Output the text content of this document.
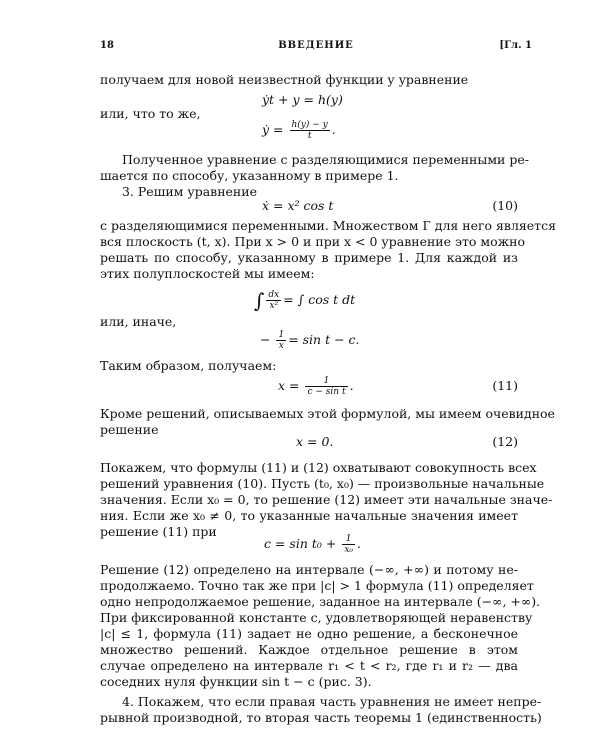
18	ВВЕДЕНИЕ	[Гл. 1
получаем для новой неизвестной функции y уравнение
ẏt + y = h(y)
или, что то же,
ẏ = $\frac{h(y) - y}{t}$ .
Полученное уравнение с разделяющимися переменными ре-
шается по способу, указанному в примере 1.
3. Решим уравнение
ẋ = x² cos t	(10)
с разделяющимися переменными. Множеством Г для него является
вся плоскость (t, x). При x > 0 и при x < 0 уравнение это можно
решать по способу, указанному в примере 1. Для каждой из
этих полуплоскостей мы имеем:
∫ $\frac{dx}{\text{x²}}$ = ∫ cos t dt
или, иначе,
− $\frac{1}{x} = \sin t - c$.
Таким образом, получаем:
$x = \frac{1}{\text{c − sin t}}$ .	(11)
Кроме решений, описываемых этой формулой, мы имеем очевидное
решение
x = 0.	(12)
Покажем, что формулы (11) и (12) охватывают совокупность всех
решений уравнения (10). Пусть (t₀, x₀) — произвольные начальные
значения. Если x₀ = 0, то решение (12) имеет эти начальные значе-
ния. Если же x₀ ≠ 0, то указанные начальные значения имеет
решение (11) при
$c = \sin t_0 + \frac{1}{\text{x₀}}$ .
Решение (12) определено на интервале (−∞, +∞) и потому не-
продолжаемо. Точно так же при |c| > 1 формула (11) определяет
одно непродолжаемое решение, заданное на интервале (−∞, +∞).
При фиксированной константе c, удовлетворяющей неравенству
|c| ≤ 1, формула (11) задает не одно решение, а бесконечное
множество решений. Каждое отдельное решение в этом
случае определено на интервале r₁ < t < r₂, где r₁ и r₂ — два
соседних нуля функции sin t − c (рис. 3).
4. Покажем, что если правая часть уравнения не имеет непре-
рывной производной, то вторая часть теоремы 1 (единственность)
